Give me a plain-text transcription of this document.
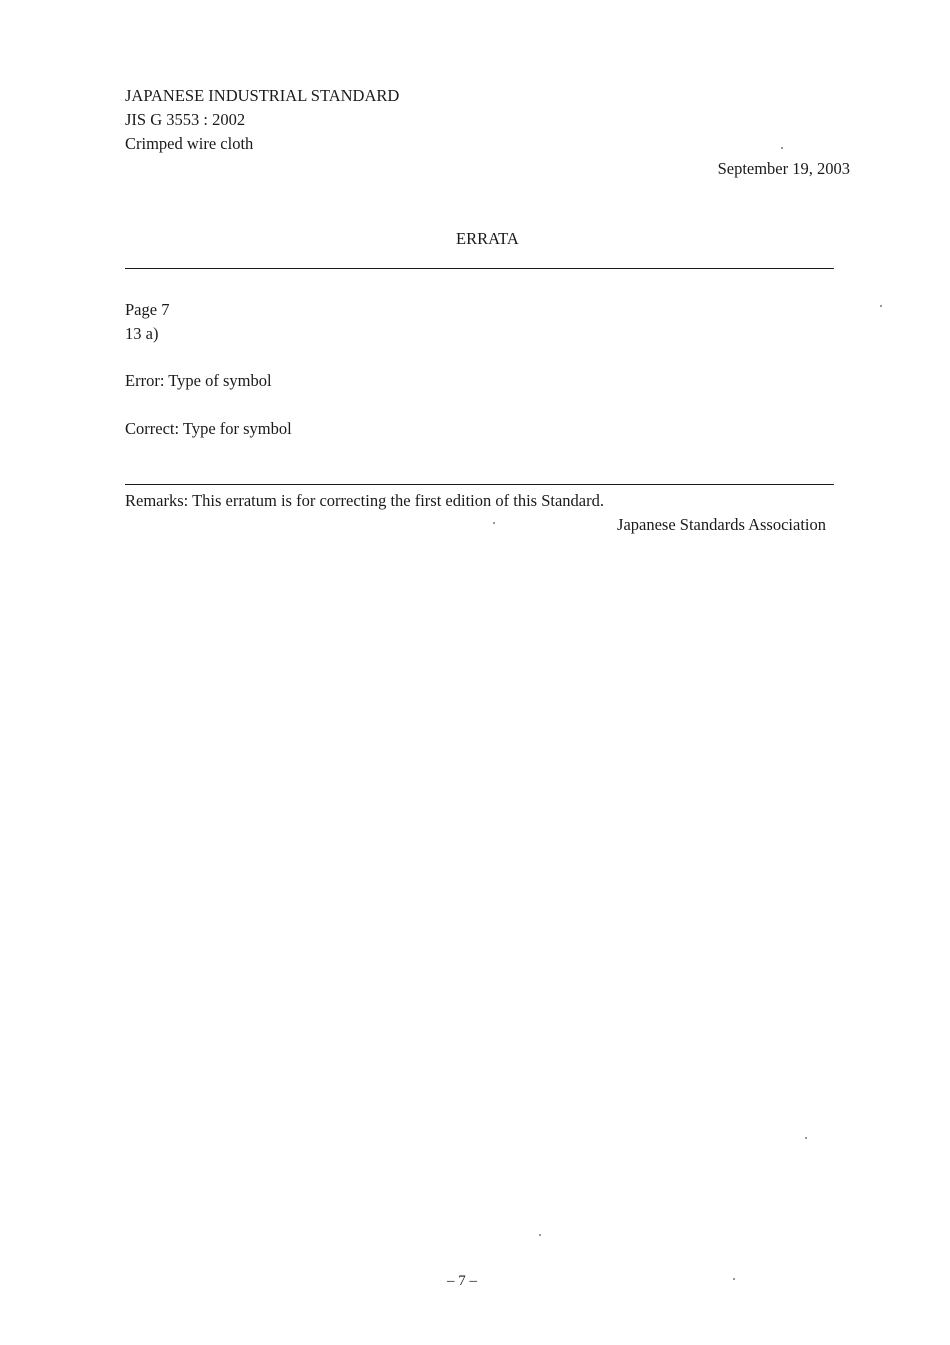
JAPANESE INDUSTRIAL STANDARD
JIS G 3553 : 2002
Crimped wire cloth
September 19, 2003
ERRATA
Page 7
13 a)
Error: Type of symbol
Correct: Type for symbol
Remarks: This erratum is for correcting the first edition of this Standard.
Japanese Standards Association
– 7 –
